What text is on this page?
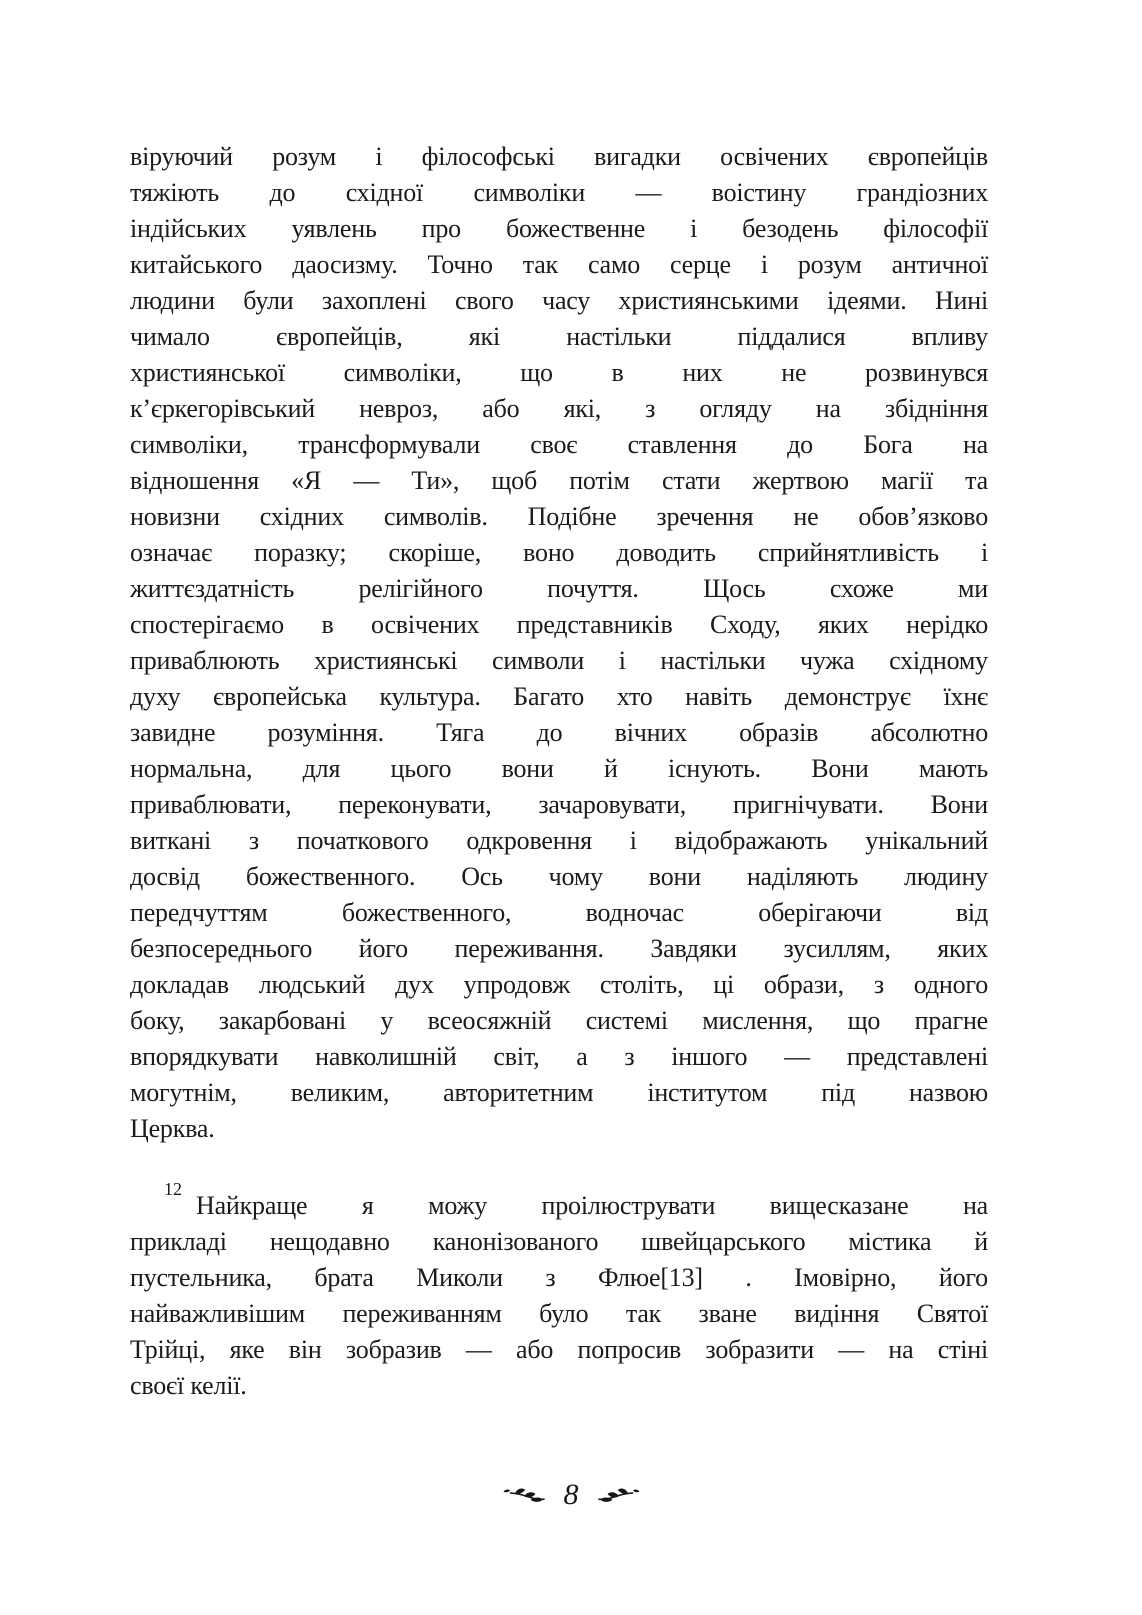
віруючий розум і філософські вигадки освічених європейців
тяжіють до східної символіки — воістину грандіозних
індійських уявлень про божественне і безодень філософії
китайського даосизму. Точно так само серце і розум античної
людини були захоплені свого часу християнськими ідеями. Нині
чимало європейців, які настільки піддалися впливу
християнської символіки, що в них не розвинувся
к’єркегорівський невроз, або які, з огляду на збідніння
символіки, трансформували своє ставлення до Бога на
відношення «Я — Ти», щоб потім стати жертвою магії та
новизни східних символів. Подібне зречення не обов’язково
означає поразку; скоріше, воно доводить сприйнятливість і
життєздатність релігійного почуття. Щось схоже ми
спостерігаємо в освічених представників Сходу, яких нерідко
приваблюють християнські символи і настільки чужа східному
духу європейська культура. Багато хто навіть демонструє їхнє
завидне розуміння. Тяга до вічних образів абсолютно
нормальна, для цього вони й існують. Вони мають
приваблювати, переконувати, зачаровувати, пригнічувати. Вони
виткані з початкового одкровення і відображають унікальний
досвід божественного. Ось чому вони наділяють людину
передчуттям божественного, водночас оберігаючи від
безпосереднього його переживання. Завдяки зусиллям, яких
докладав людський дух упродовж століть, ці образи, з одного
боку, закарбовані у всеосяжній системі мислення, що прагне
впорядкувати навколишній світ, а з іншого — представлені
могутнім, великим, авторитетним інститутом під назвою
Церква.
$^{12}$Найкраще я можу проілюструвати вищесказане на
прикладі нещодавно канонізованого швейцарського містика й
пустельника, брата Миколи з Флюе[13] . Імовірно, його
найважливішим переживанням було так зване видіння Святої
Трійці, яке він зобразив — або попросив зобразити — на стіні
своєї келії.
8
